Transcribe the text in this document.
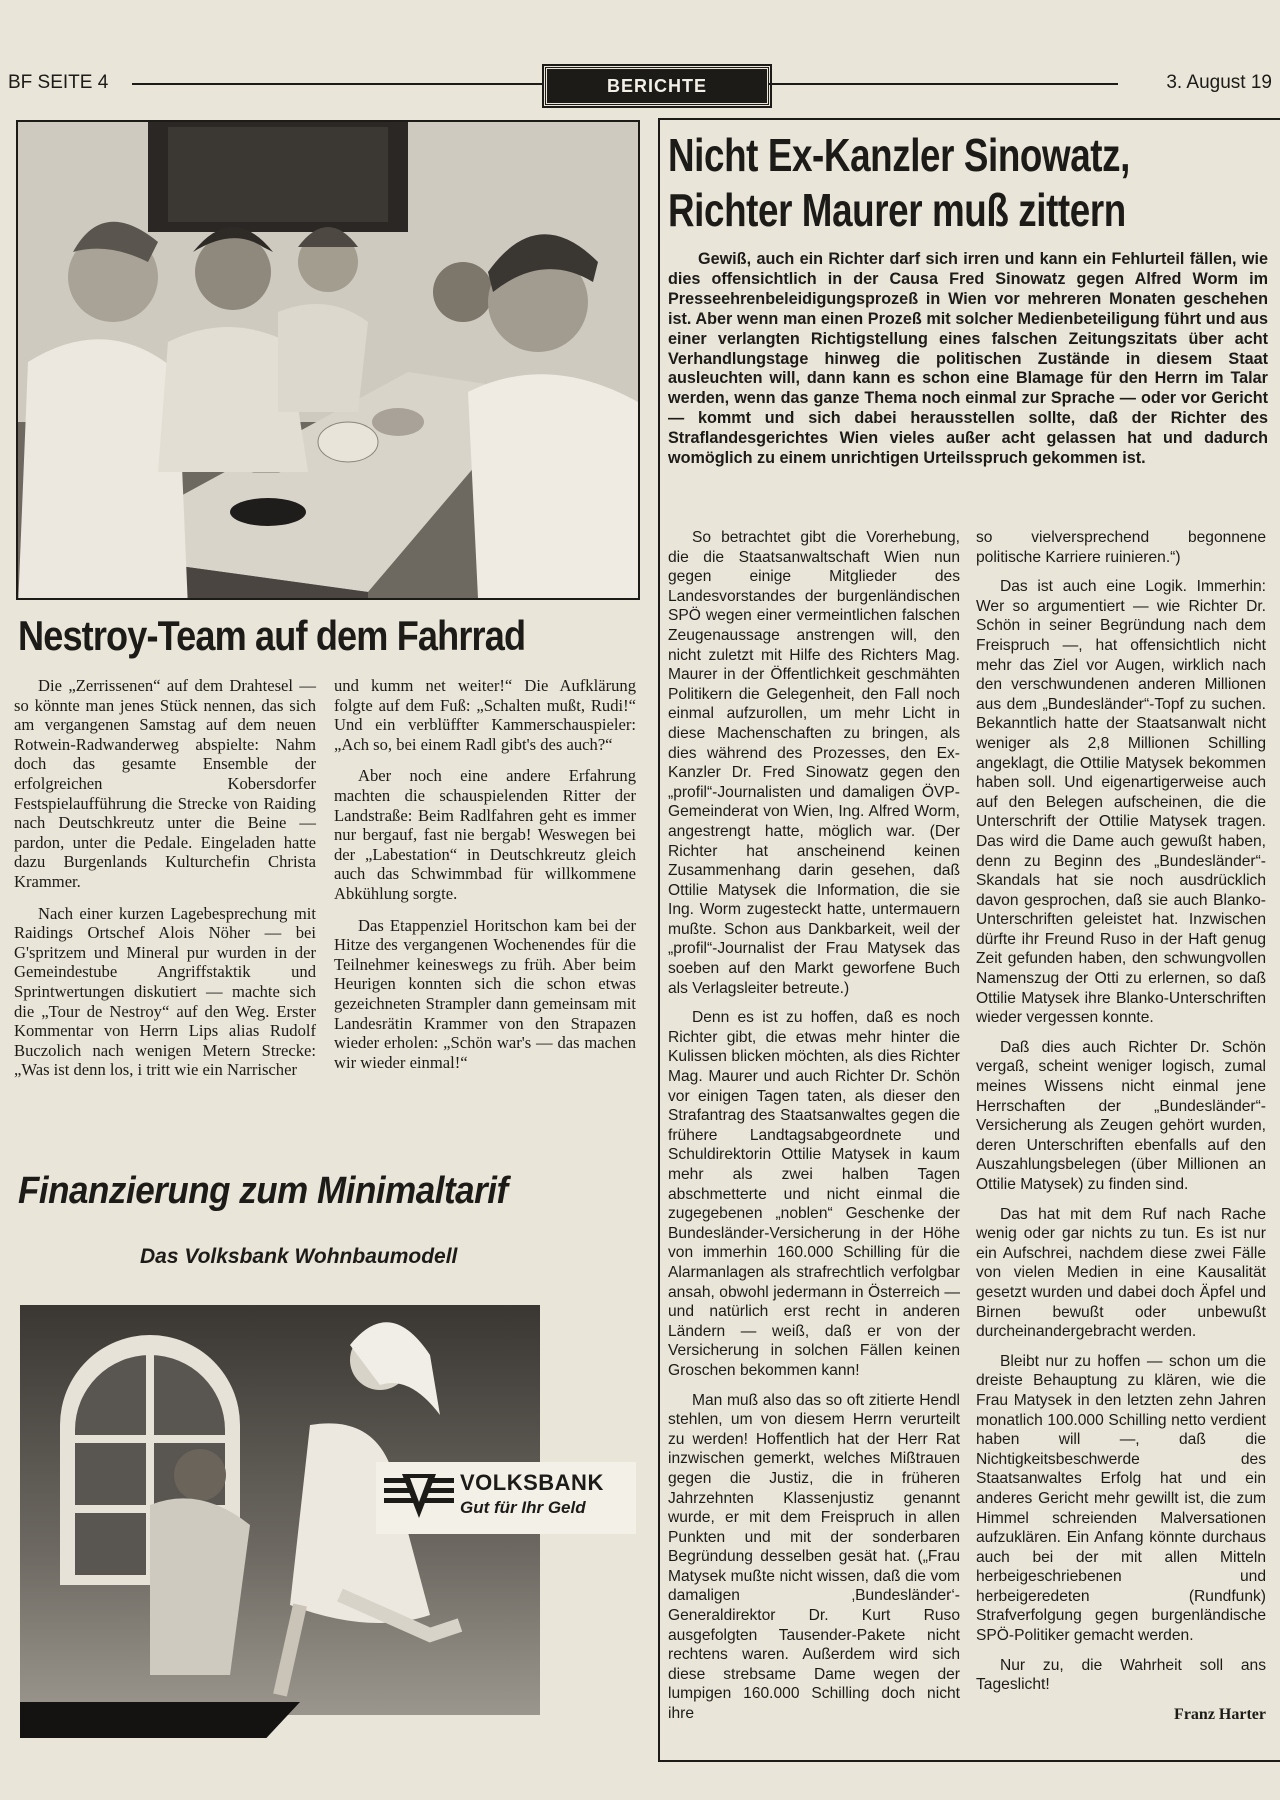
BF SEITE 4	BERICHTE	3. August 19
Nestroy-Team auf dem Fahrrad

Die „Zerrissenen“ auf dem Drahtesel — so könnte man jenes Stück nennen, das sich am vergangenen Samstag auf dem neuen Rotwein-Radwanderweg abspielte: Nahm doch das gesamte Ensemble der erfolgreichen Kobersdorfer Festspielaufführung die Strecke von Raiding nach Deutschkreutz unter die Beine — pardon, unter die Pedale. Eingeladen hatte dazu Burgenlands Kulturchefin Christa Krammer.

Nach einer kurzen Lagebesprechung mit Raidings Ortschef Alois Nöher — bei G'spritzem und Mineral pur wurden in der Gemeindestube Angriffstaktik und Sprintwertungen diskutiert — machte sich die „Tour de Nestroy“ auf den Weg. Erster Kommentar von Herrn Lips alias Rudolf Buczolich nach wenigen Metern Strecke: „Was ist denn los, i tritt wie ein Narrischer

und kumm net weiter!“ Die Aufklärung folgte auf dem Fuß: „Schalten mußt, Rudi!“ Und ein verblüffter Kammerschauspieler: „Ach so, bei einem Radl gibt's des auch?“

Aber noch eine andere Erfahrung machten die schauspielenden Ritter der Landstraße: Beim Radlfahren geht es immer nur bergauf, fast nie bergab! Weswegen bei der „Labestation“ in Deutschkreutz gleich auch das Schwimmbad für willkommene Abkühlung sorgte.

Das Etappenziel Horitschon kam bei der Hitze des vergangenen Wochenendes für die Teilnehmer keineswegs zu früh. Aber beim Heurigen konnten sich die schon etwas gezeichneten Strampler dann gemeinsam mit Landesrätin Krammer von den Strapazen wieder erholen: „Schön war's — das machen wir wieder einmal!“

Finanzierung zum Minimaltarif
Das Volksbank Wohnbaumodell
VOLKSBANK
Gut für Ihr Geld
Nicht Ex-Kanzler Sinowatz,
Richter Maurer muß zittern
Gewiß, auch ein Richter darf sich irren und kann ein Fehlurteil fällen, wie dies offensichtlich in der Causa Fred Sinowatz gegen Alfred Worm im Presseehrenbeleidigungsprozeß in Wien vor mehreren Monaten geschehen ist. Aber wenn man einen Prozeß mit solcher Medienbeteiligung führt und aus einer verlangten Richtigstellung eines falschen Zeitungszitats über acht Verhandlungstage hinweg die politischen Zustände in diesem Staat ausleuchten will, dann kann es schon eine Blamage für den Herrn im Talar werden, wenn das ganze Thema noch einmal zur Sprache — oder vor Gericht — kommt und sich dabei herausstellen sollte, daß der Richter des Straflandesgerichtes Wien vieles außer acht gelassen hat und dadurch womöglich zu einem unrichtigen Urteilsspruch gekommen ist.

So betrachtet gibt die Vorerhebung, die die Staatsanwaltschaft Wien nun gegen einige Mitglieder des Landesvorstandes der burgenländischen SPÖ wegen einer vermeintlichen falschen Zeugenaussage anstrengen will, den nicht zuletzt mit Hilfe des Richters Mag. Maurer in der Öffentlichkeit geschmähten Politikern die Gelegenheit, den Fall noch einmal aufzurollen, um mehr Licht in diese Machenschaften zu bringen, als dies während des Prozesses, den Ex-Kanzler Dr. Fred Sinowatz gegen den „profil“-Journalisten und damaligen ÖVP-Gemeinderat von Wien, Ing. Alfred Worm, angestrengt hatte, möglich war. (Der Richter hat anscheinend keinen Zusammenhang darin gesehen, daß Ottilie Matysek die Information, die sie Ing. Worm zugesteckt hatte, untermauern mußte. Schon aus Dankbarkeit, weil der „profil“-Journalist der Frau Matysek das soeben auf den Markt geworfene Buch als Verlagsleiter betreute.)

Denn es ist zu hoffen, daß es noch Richter gibt, die etwas mehr hinter die Kulissen blicken möchten, als dies Richter Mag. Maurer und auch Richter Dr. Schön vor einigen Tagen taten, als dieser den Strafantrag des Staatsanwaltes gegen die frühere Landtagsabgeordnete und Schuldirektorin Ottilie Matysek in kaum mehr als zwei halben Tagen abschmetterte und nicht einmal die zugegebenen „noblen“ Geschenke der Bundesländer-Versicherung in der Höhe von immerhin 160.000 Schilling für die Alarmanlagen als strafrechtlich verfolgbar ansah, obwohl jedermann in Österreich — und natürlich erst recht in anderen Ländern — weiß, daß er von der Versicherung in solchen Fällen keinen Groschen bekommen kann!

Man muß also das so oft zitierte Hendl stehlen, um von diesem Herrn verurteilt zu werden! Hoffentlich hat der Herr Rat inzwischen gemerkt, welches Mißtrauen gegen die Justiz, die in früheren Jahrzehnten Klassenjustiz genannt wurde, er mit dem Freispruch in allen Punkten und mit der sonderbaren Begründung desselben gesät hat. („Frau Matysek mußte nicht wissen, daß die vom damaligen ‚Bundesländer‘-Generaldirektor Dr. Kurt Ruso ausgefolgten Tausender-Pakete nicht rechtens waren. Außerdem wird sich diese strebsame Dame wegen der lumpigen 160.000 Schilling doch nicht ihre

so vielversprechend begonnene politische Karriere ruinieren.“)

Das ist auch eine Logik. Immerhin: Wer so argumentiert — wie Richter Dr. Schön in seiner Begründung nach dem Freispruch —, hat offensichtlich nicht mehr das Ziel vor Augen, wirklich nach den verschwundenen anderen Millionen aus dem „Bundesländer“-Topf zu suchen. Bekanntlich hatte der Staatsanwalt nicht weniger als 2,8 Millionen Schilling angeklagt, die Ottilie Matysek bekommen haben soll. Und eigenartigerweise auch auf den Belegen aufscheinen, die die Unterschrift der Ottilie Matysek tragen. Das wird die Dame auch gewußt haben, denn zu Beginn des „Bundesländer“-Skandals hat sie noch ausdrücklich davon gesprochen, daß sie auch Blanko-Unterschriften geleistet hat. Inzwischen dürfte ihr Freund Ruso in der Haft genug Zeit gefunden haben, den schwungvollen Namenszug der Otti zu erlernen, so daß Ottilie Matysek ihre Blanko-Unterschriften wieder vergessen konnte.

Daß dies auch Richter Dr. Schön vergaß, scheint weniger logisch, zumal meines Wissens nicht einmal jene Herrschaften der „Bundesländer“-Versicherung als Zeugen gehört wurden, deren Unterschriften ebenfalls auf den Auszahlungsbelegen (über Millionen an Ottilie Matysek) zu finden sind.

Das hat mit dem Ruf nach Rache wenig oder gar nichts zu tun. Es ist nur ein Aufschrei, nachdem diese zwei Fälle von vielen Medien in eine Kausalität gesetzt wurden und dabei doch Äpfel und Birnen bewußt oder unbewußt durcheinandergebracht werden.

Bleibt nur zu hoffen — schon um die dreiste Behauptung zu klären, wie die Frau Matysek in den letzten zehn Jahren monatlich 100.000 Schilling netto verdient haben will —, daß die Nichtigkeitsbeschwerde des Staatsanwaltes Erfolg hat und ein anderes Gericht mehr gewillt ist, die zum Himmel schreienden Malversationen aufzuklären. Ein Anfang könnte durchaus auch bei der mit allen Mitteln herbeigeschriebenen und herbeigeredeten (Rundfunk) Strafverfolgung gegen burgenländische SPÖ-Politiker gemacht werden.

Nur zu, die Wahrheit soll ans Tageslicht!

Franz Harter
